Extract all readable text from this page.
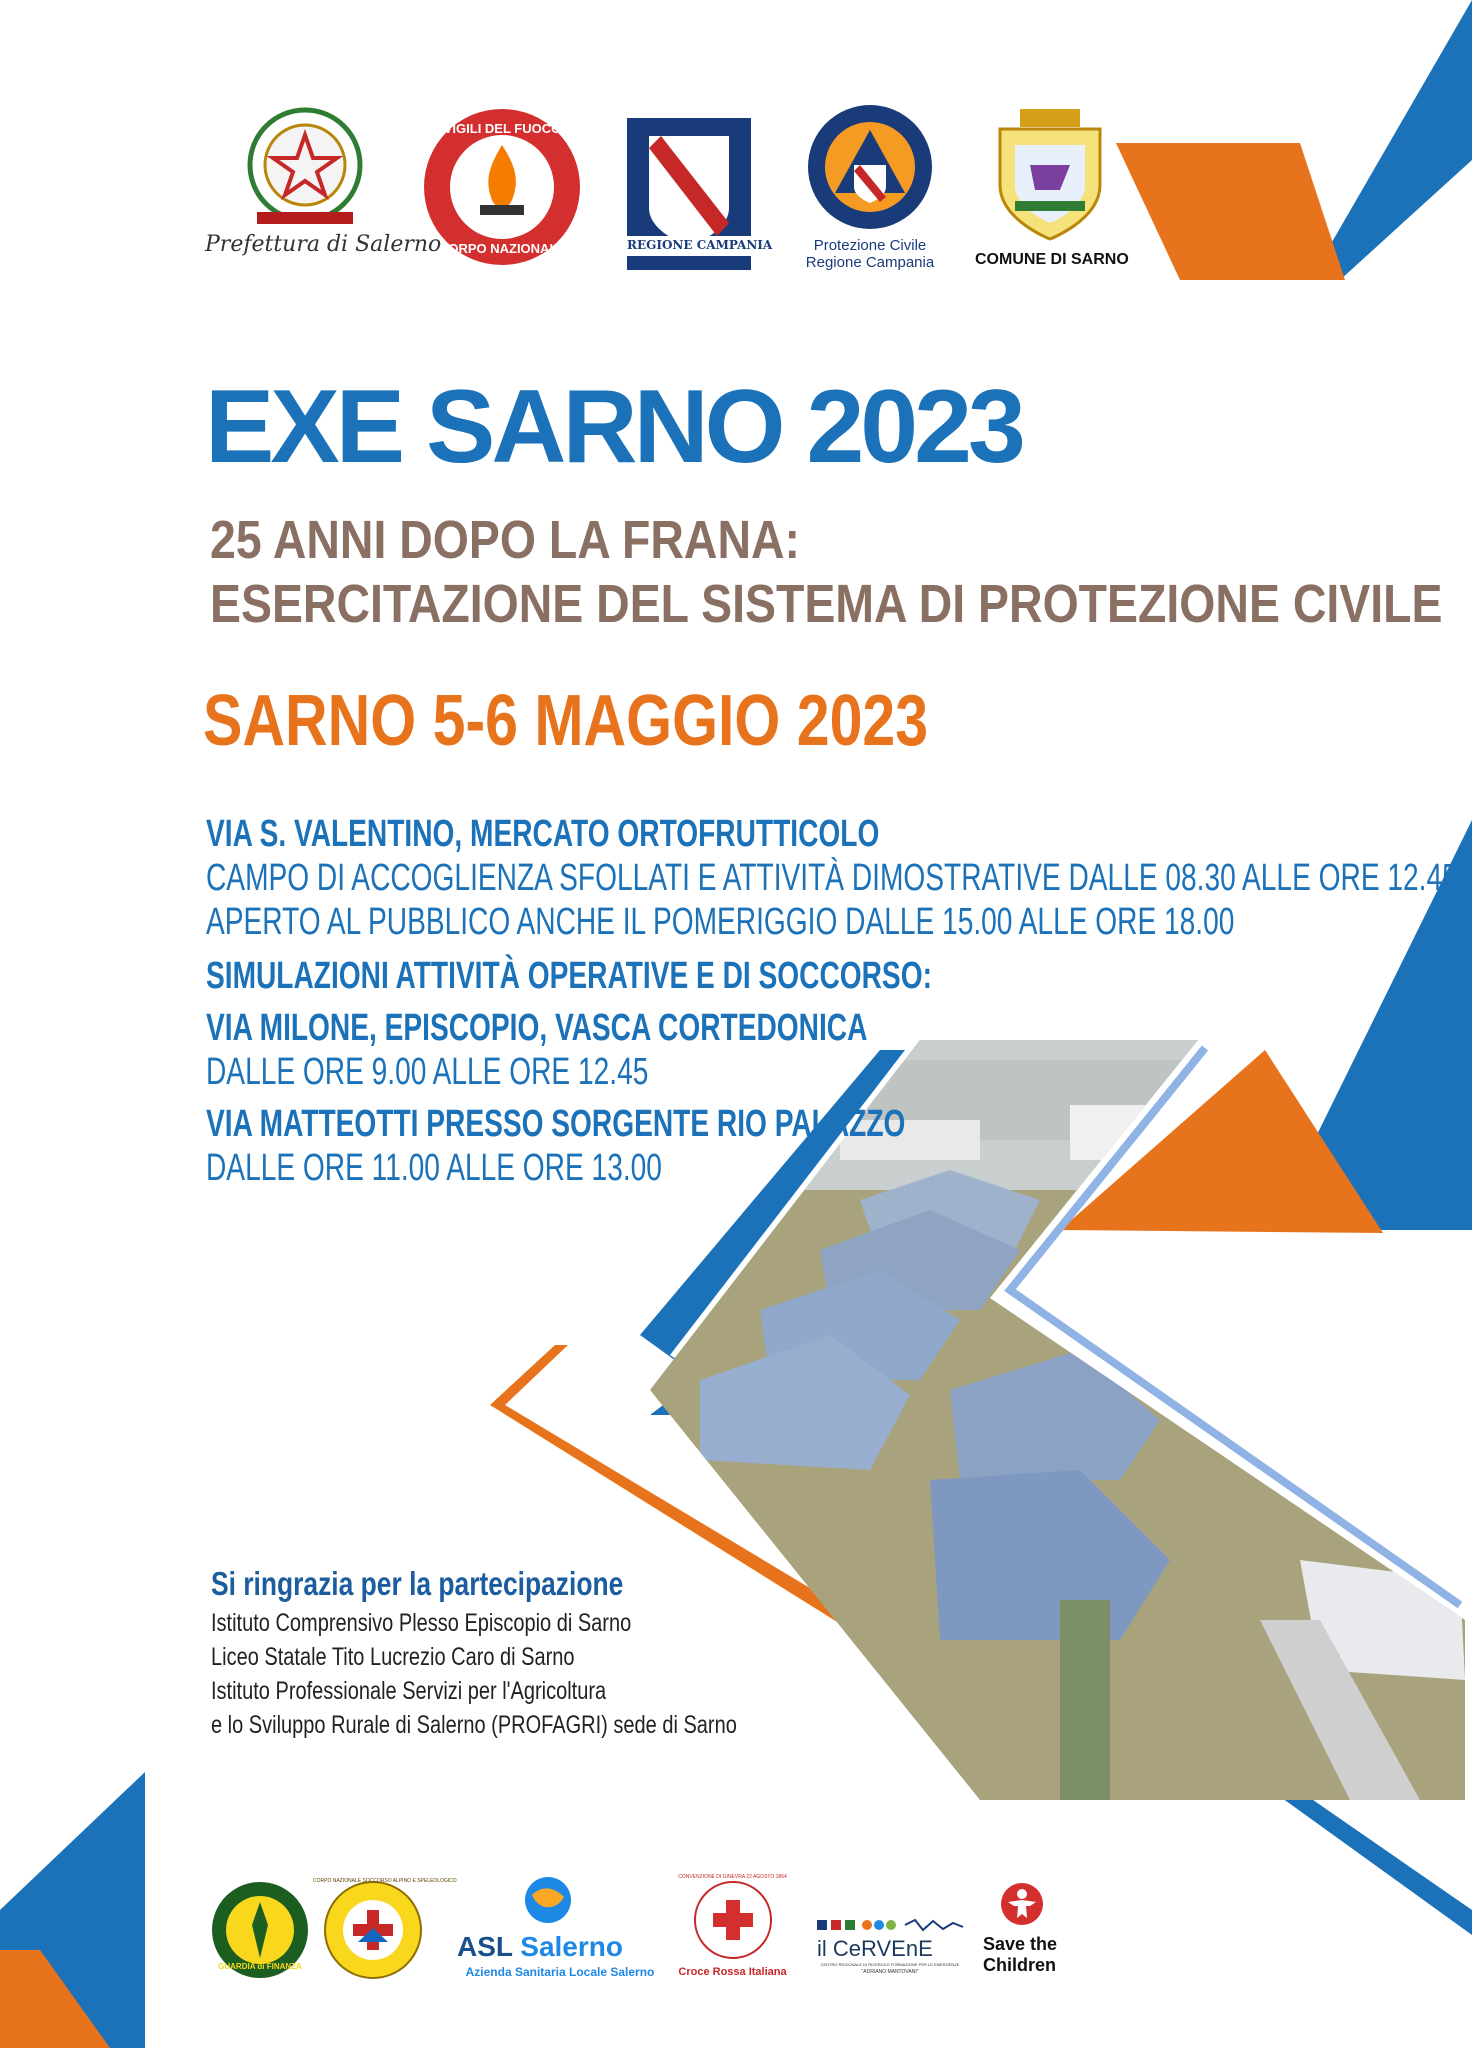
Prefettura di Salerno
VIGILI DEL FUOCO
CORPO NAZIONALE	REGIONE CAMPANIA	Protezione Civile
Regione Campania	COMUNE DI SARNO
EXE SARNO 2023
25 ANNI DOPO LA FRANA:
ESERCITAZIONE DEL SISTEMA DI PROTEZIONE CIVILE
SARNO 5-6 MAGGIO 2023
VIA S. VALENTINO, MERCATO ORTOFRUTTICOLO
CAMPO DI ACCOGLIENZA SFOLLATI E ATTIVITÀ DIMOSTRATIVE DALLE 08.30 ALLE ORE 12.45
APERTO AL PUBBLICO ANCHE IL POMERIGGIO DALLE 15.00 ALLE ORE 18.00
SIMULAZIONI ATTIVITÀ OPERATIVE E DI SOCCORSO:
VIA MILONE, EPISCOPIO, VASCA CORTEDONICA
DALLE ORE 9.00 ALLE ORE 12.45
VIA MATTEOTTI PRESSO SORGENTE RIO PALAZZO
DALLE ORE 11.00 ALLE ORE 13.00
Si ringrazia per la partecipazione
Istituto Comprensivo Plesso Episcopio di Sarno
Liceo Statale Tito Lucrezio Caro di Sarno
Istituto Professionale Servizi per l'Agricoltura
e lo Sviluppo Rurale di Salerno (PROFAGRI) sede di Sarno
GUARDIA di FINANZA
CORPO NAZIONALE SOCCORSO ALPINO E SPELEOLOGICO
ASL Salerno
Azienda Sanitaria Locale Salerno
CONVENZIONE DI GINEVRA 22 AGOSTO 1864
Croce Rossa Italiana
il CeRVEnE
CENTRO REGIONALE DI RICERCA E FORMAZIONE PER LE EMERGENZE
"ADRIANO MANTOVANI"
Save the
Children
